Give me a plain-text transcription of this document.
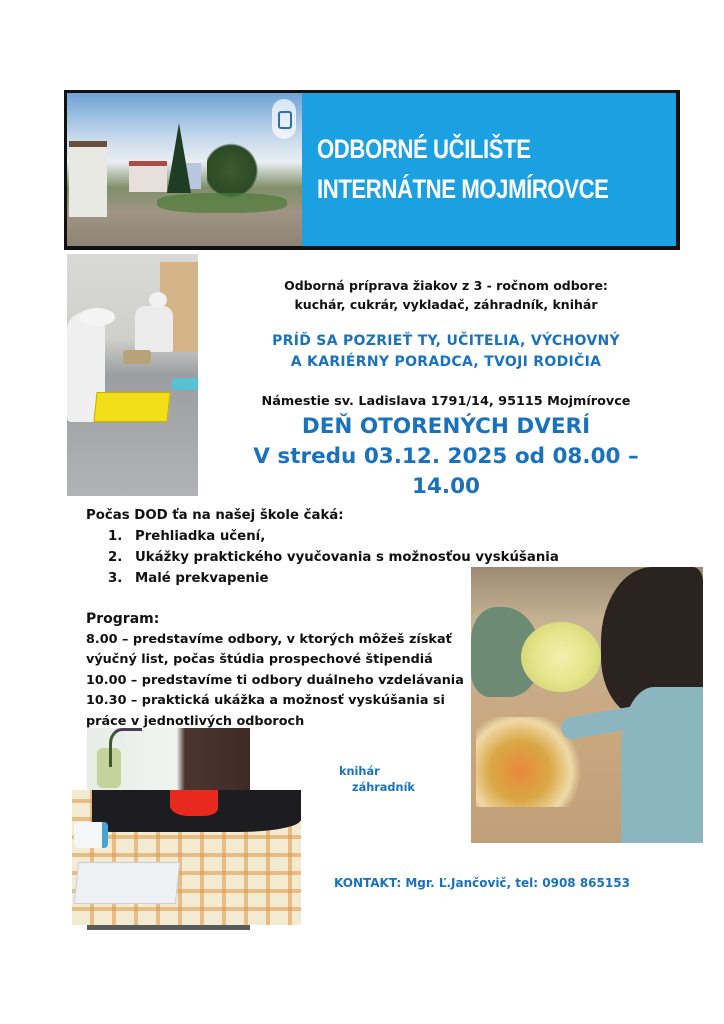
ODBORNÉ UČILIŠTE
INTERNÁTNE MOJMÍROVCE
Odborná príprava žiakov z 3 - ročnom odbore:
kuchár, cukrár, vykladač, záhradník, knihár
PRÍĎ SA POZRIEŤ TY, UČITELIA, VÝCHOVNÝ
A KARIÉRNY PORADCA, TVOJI RODIČIA
Námestie sv. Ladislava 1791/14, 95115 Mojmírovce
DEŇ OTORENÝCH DVERÍ
V stredu 03.12. 2025 od 08.00 –
14.00
Počas DOD ťa na našej škole čaká:
1. Prehliadka učení,
2. Ukážky praktického vyučovania s možnosťou vyskúšania
3. Malé prekvapenie
Program:
8.00 – predstavíme odbory, v ktorých môžeš získať
výučný list, počas štúdia prospechové štipendiá
10.00 – predstavíme ti odbory duálneho vzdelávania
10.30 – praktická ukážka a možnosť vyskúšania si
práce v jednotlivých odboroch
knihár
záhradník
KONTAKT: Mgr. Ľ.Jančovič, tel: 0908 865153
